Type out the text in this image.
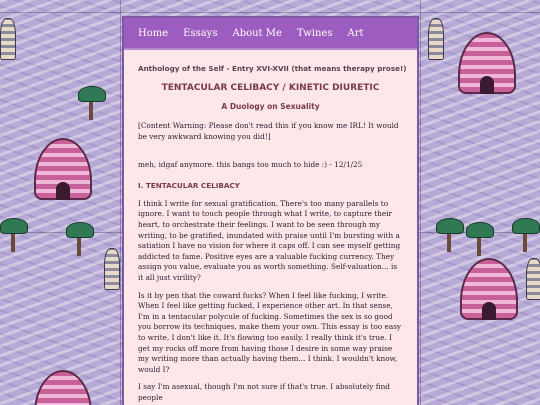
Home Essays About Me Twines Art
Anthology of the Self - Entry XVI-XVII (that means therapy prose!)
TENTACULAR CELIBACY / KINETIC DIURETIC
A Duology on Sexuality

[Content Warning: Please don't read this if you know me IRL! It would be very awkward knowing you did!]

meh, idgaf anymore. this bangs too much to hide :) - 12/1/25

I. TENTACULAR CELIBACY

I think I write for sexual gratification. There's too many parallels to ignore. I want to touch people through what I write, to capture their heart, to orchestrate their feelings. I want to be seen through my writing, to be gratified, inundated with praise until I'm bursting with a satiation I have no vision for where it caps off. I can see myself getting addicted to fame. Positive eyes are a valuable fucking currency. They assign you value, evaluate you as worth something. Self-valuation... is it all just virility?

Is it by pen that the coward fucks? When I feel like fucking, I write. When I feel like getting fucked, I experience other art. In that sense, I'm in a tentacular polycule of fucking. Sometimes the sex is so good you borrow its techniques, make them your own. This essay is too easy to write, I don't like it. It's flowing too easily. I really think it's true. I get my rocks off more from having those I desire in some way praise my writing more than actually having them... I think. I wouldn't know, would I?

I say I'm asexual, though I'm not sure if that's true. I absolutely find people
